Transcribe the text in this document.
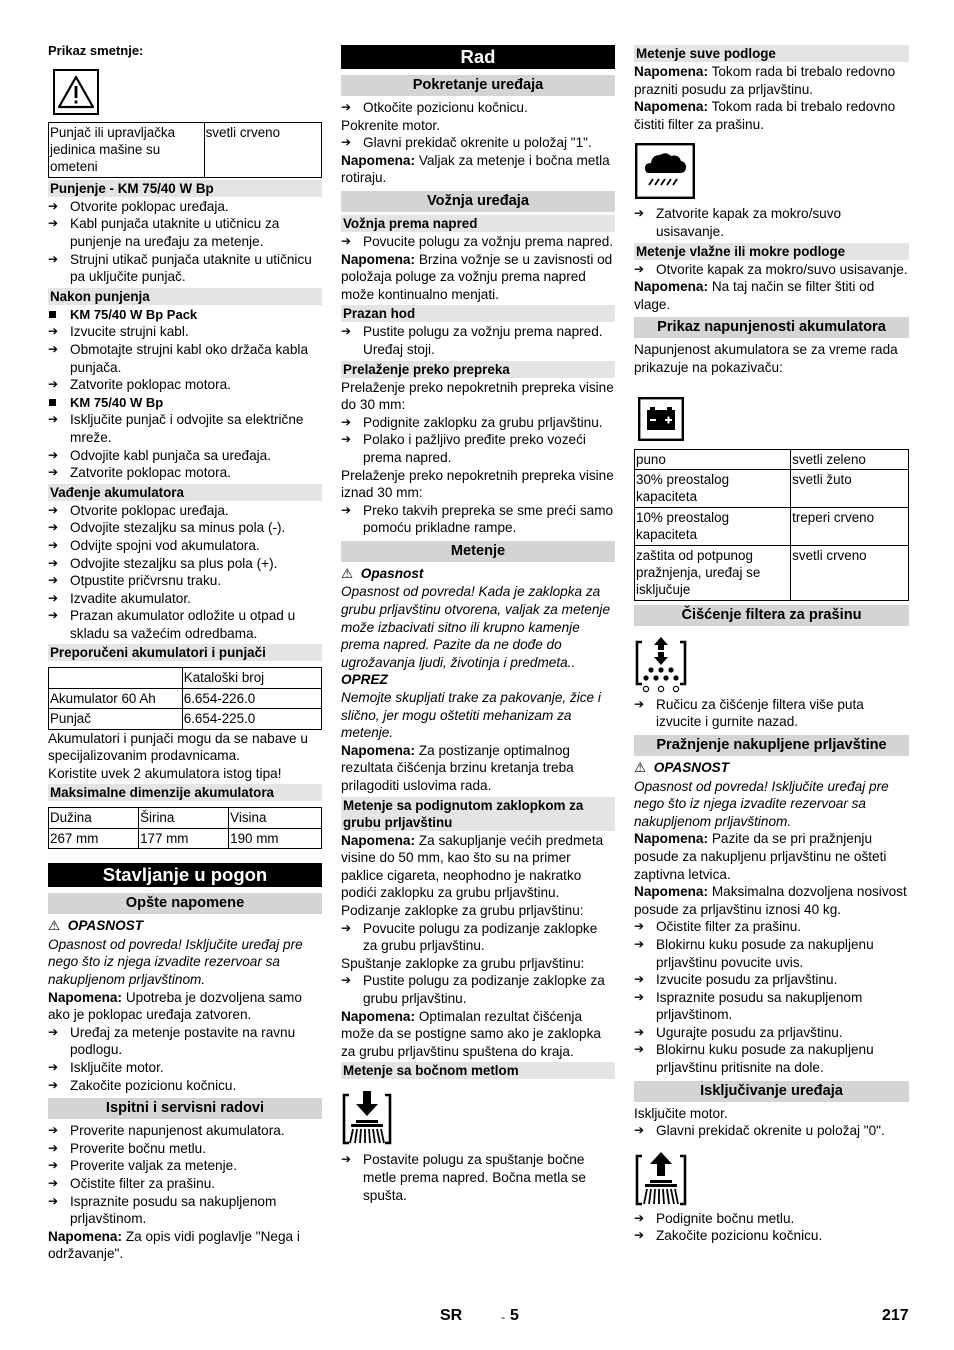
Prikaz smetnje:
Punjač ili upravljačka jedinica mašine su ometeni	svetli crveno
Punjenje - KM 75/40 W Bp
➔ Otvorite poklopac uređaja.
➔ Kabl punjača utaknite u utičnicu za punjenje na uređaju za metenje.
➔ Strujni utikač punjača utaknite u utičnicu pa uključite punjač.
Nakon punjenja
KM 75/40 W Bp Pack
➔ Izvucite strujni kabl.
➔ Obmotajte strujni kabl oko držača kabla punjača.
➔ Zatvorite poklopac motora.
KM 75/40 W Bp
➔ Isključite punjač i odvojite sa električne mreže.
➔ Odvojite kabl punjača sa uređaja.
➔ Zatvorite poklopac motora.
Vađenje akumulatora
➔ Otvorite poklopac uređaja.
➔ Odvojite stezaljku sa minus pola (-).
➔ Odvijte spojni vod akumulatora.
➔ Odvojite stezaljku sa plus pola (+).
➔ Otpustite pričvrsnu traku.
➔ Izvadite akumulator.
➔ Prazan akumulator odložite u otpad u skladu sa važećim odredbama.
Preporučeni akumulatori i punjači
	Kataloški broj
Akumulator 60 Ah	6.654-226.0
Punjač	6.654-225.0
Akumulatori i punjači mogu da se nabave u specijalizovanim prodavnicama.
Koristite uvek 2 akumulatora istog tipa!
Maksimalne dimenzije akumulatora
Dužina	Širina	Visina
267 mm	177 mm	190 mm
Stavljanje u pogon
Opšte napomene
⚠ OPASNOST
Opasnost od povreda! Isključite uređaj pre nego što iz njega izvadite rezervoar sa nakupljenom prljavštinom.
Napomena: Upotreba je dozvoljena samo ako je poklopac uređaja zatvoren.
➔ Uređaj za metenje postavite na ravnu podlogu.
➔ Isključite motor.
➔ Zakočite pozicionu kočnicu.
Ispitni i servisni radovi
➔ Proverite napunjenost akumulatora.
➔ Proverite bočnu metlu.
➔ Proverite valjak za metenje.
➔ Očistite filter za prašinu.
➔ Ispraznite posudu sa nakupljenom prljavštinom.
Napomena: Za opis vidi poglavlje "Nega i održavanje".
Rad
Pokretanje uređaja
➔ Otkočite pozicionu kočnicu.
Pokrenite motor.
➔ Glavni prekidač okrenite u položaj "1".
Napomena: Valjak za metenje i bočna metla rotiraju.
Vožnja uređaja
Vožnja prema napred
➔ Povucite polugu za vožnju prema napred.
Napomena: Brzina vožnje se u zavisnosti od položaja poluge za vožnju prema napred može kontinualno menjati.
Prazan hod
➔ Pustite polugu za vožnju prema napred. Uređaj stoji.
Prelaženje preko prepreka
Prelaženje preko nepokretnih prepreka visine do 30 mm:
➔ Podignite zaklopku za grubu prljavštinu.
➔ Polako i pažljivo pređite preko vozeći prema napred.
Prelaženje preko nepokretnih prepreka visine iznad 30 mm:
➔ Preko takvih prepreka se sme preći samo pomoću prikladne rampe.
Metenje
⚠ Opasnost
Opasnost od povreda! Kada je zaklopka za grubu prljavštinu otvorena, valjak za metenje može izbacivati sitno ili krupno kamenje prema napred. Pazite da ne dođe do ugrožavanja ljudi, životinja i predmeta..
OPREZ
Nemojte skupljati trake za pakovanje, žice i slično, jer mogu oštetiti mehanizam za metenje.
Napomena: Za postizanje optimalnog rezultata čišćenja brzinu kretanja treba prilagoditi uslovima rada.
Metenje sa podignutom zaklopkom za grubu prljavštinu
Napomena: Za sakupljanje većih predmeta visine do 50 mm, kao što su na primer paklice cigareta, neophodno je nakratko podići zaklopku za grubu prljavštinu.
Podizanje zaklopke za grubu prljavštinu:
➔ Povucite polugu za podizanje zaklopke za grubu prljavštinu.
Spuštanje zaklopke za grubu prljavštinu:
➔ Pustite polugu za podizanje zaklopke za grubu prljavštinu.
Napomena: Optimalan rezultat čišćenja može da se postigne samo ako je zaklopka za grubu prljavštinu spuštena do kraja.
Metenje sa bočnom metlom
➔ Postavite polugu za spuštanje bočne metle prema napred. Bočna metla se spušta.
Metenje suve podloge
Napomena: Tokom rada bi trebalo redovno prazniti posudu za prljavštinu.
Napomena: Tokom rada bi trebalo redovno čistiti filter za prašinu.
➔ Zatvorite kapak za mokro/suvo usisavanje.
Metenje vlažne ili mokre podloge
➔ Otvorite kapak za mokro/suvo usisavanje.
Napomena: Na taj način se filter štiti od vlage.
Prikaz napunjenosti akumulatora
Napunjenost akumulatora se za vreme rada prikazuje na pokazivaču:
puno	svetli zeleno
30% preostalog kapaciteta	svetli žuto
10% preostalog kapaciteta	treperi crveno
zaštita od potpunog pražnjenja, uređaj se isključuje	svetli crveno
Čišćenje filtera za prašinu
➔ Ručicu za čišćenje filtera više puta izvucite i gurnite nazad.
Pražnjenje nakupljene prljavštine
⚠ OPASNOST
Opasnost od povreda! Isključite uređaj pre nego što iz njega izvadite rezervoar sa nakupljenom prljavštinom.
Napomena: Pazite da se pri pražnjenju posude za nakupljenu prljavštinu ne ošteti zaptivna letvica.
Napomena: Maksimalna dozvoljena nosivost posude za prljavštinu iznosi 40 kg.
➔ Očistite filter za prašinu.
➔ Blokirnu kuku posude za nakupljenu prljavštinu povucite uvis.
➔ Izvucite posudu za prljavštinu.
➔ Ispraznite posudu sa nakupljenom prljavštinom.
➔ Ugurajte posudu za prljavštinu.
➔ Blokirnu kuku posude za nakupljenu prljavštinu pritisnite na dole.
Isključivanje uređaja
Isključite motor.
➔ Glavni prekidač okrenite u položaj "0".
➔ Podignite bočnu metlu.
➔ Zakočite pozicionu kočnicu.
SR	- 5	217
